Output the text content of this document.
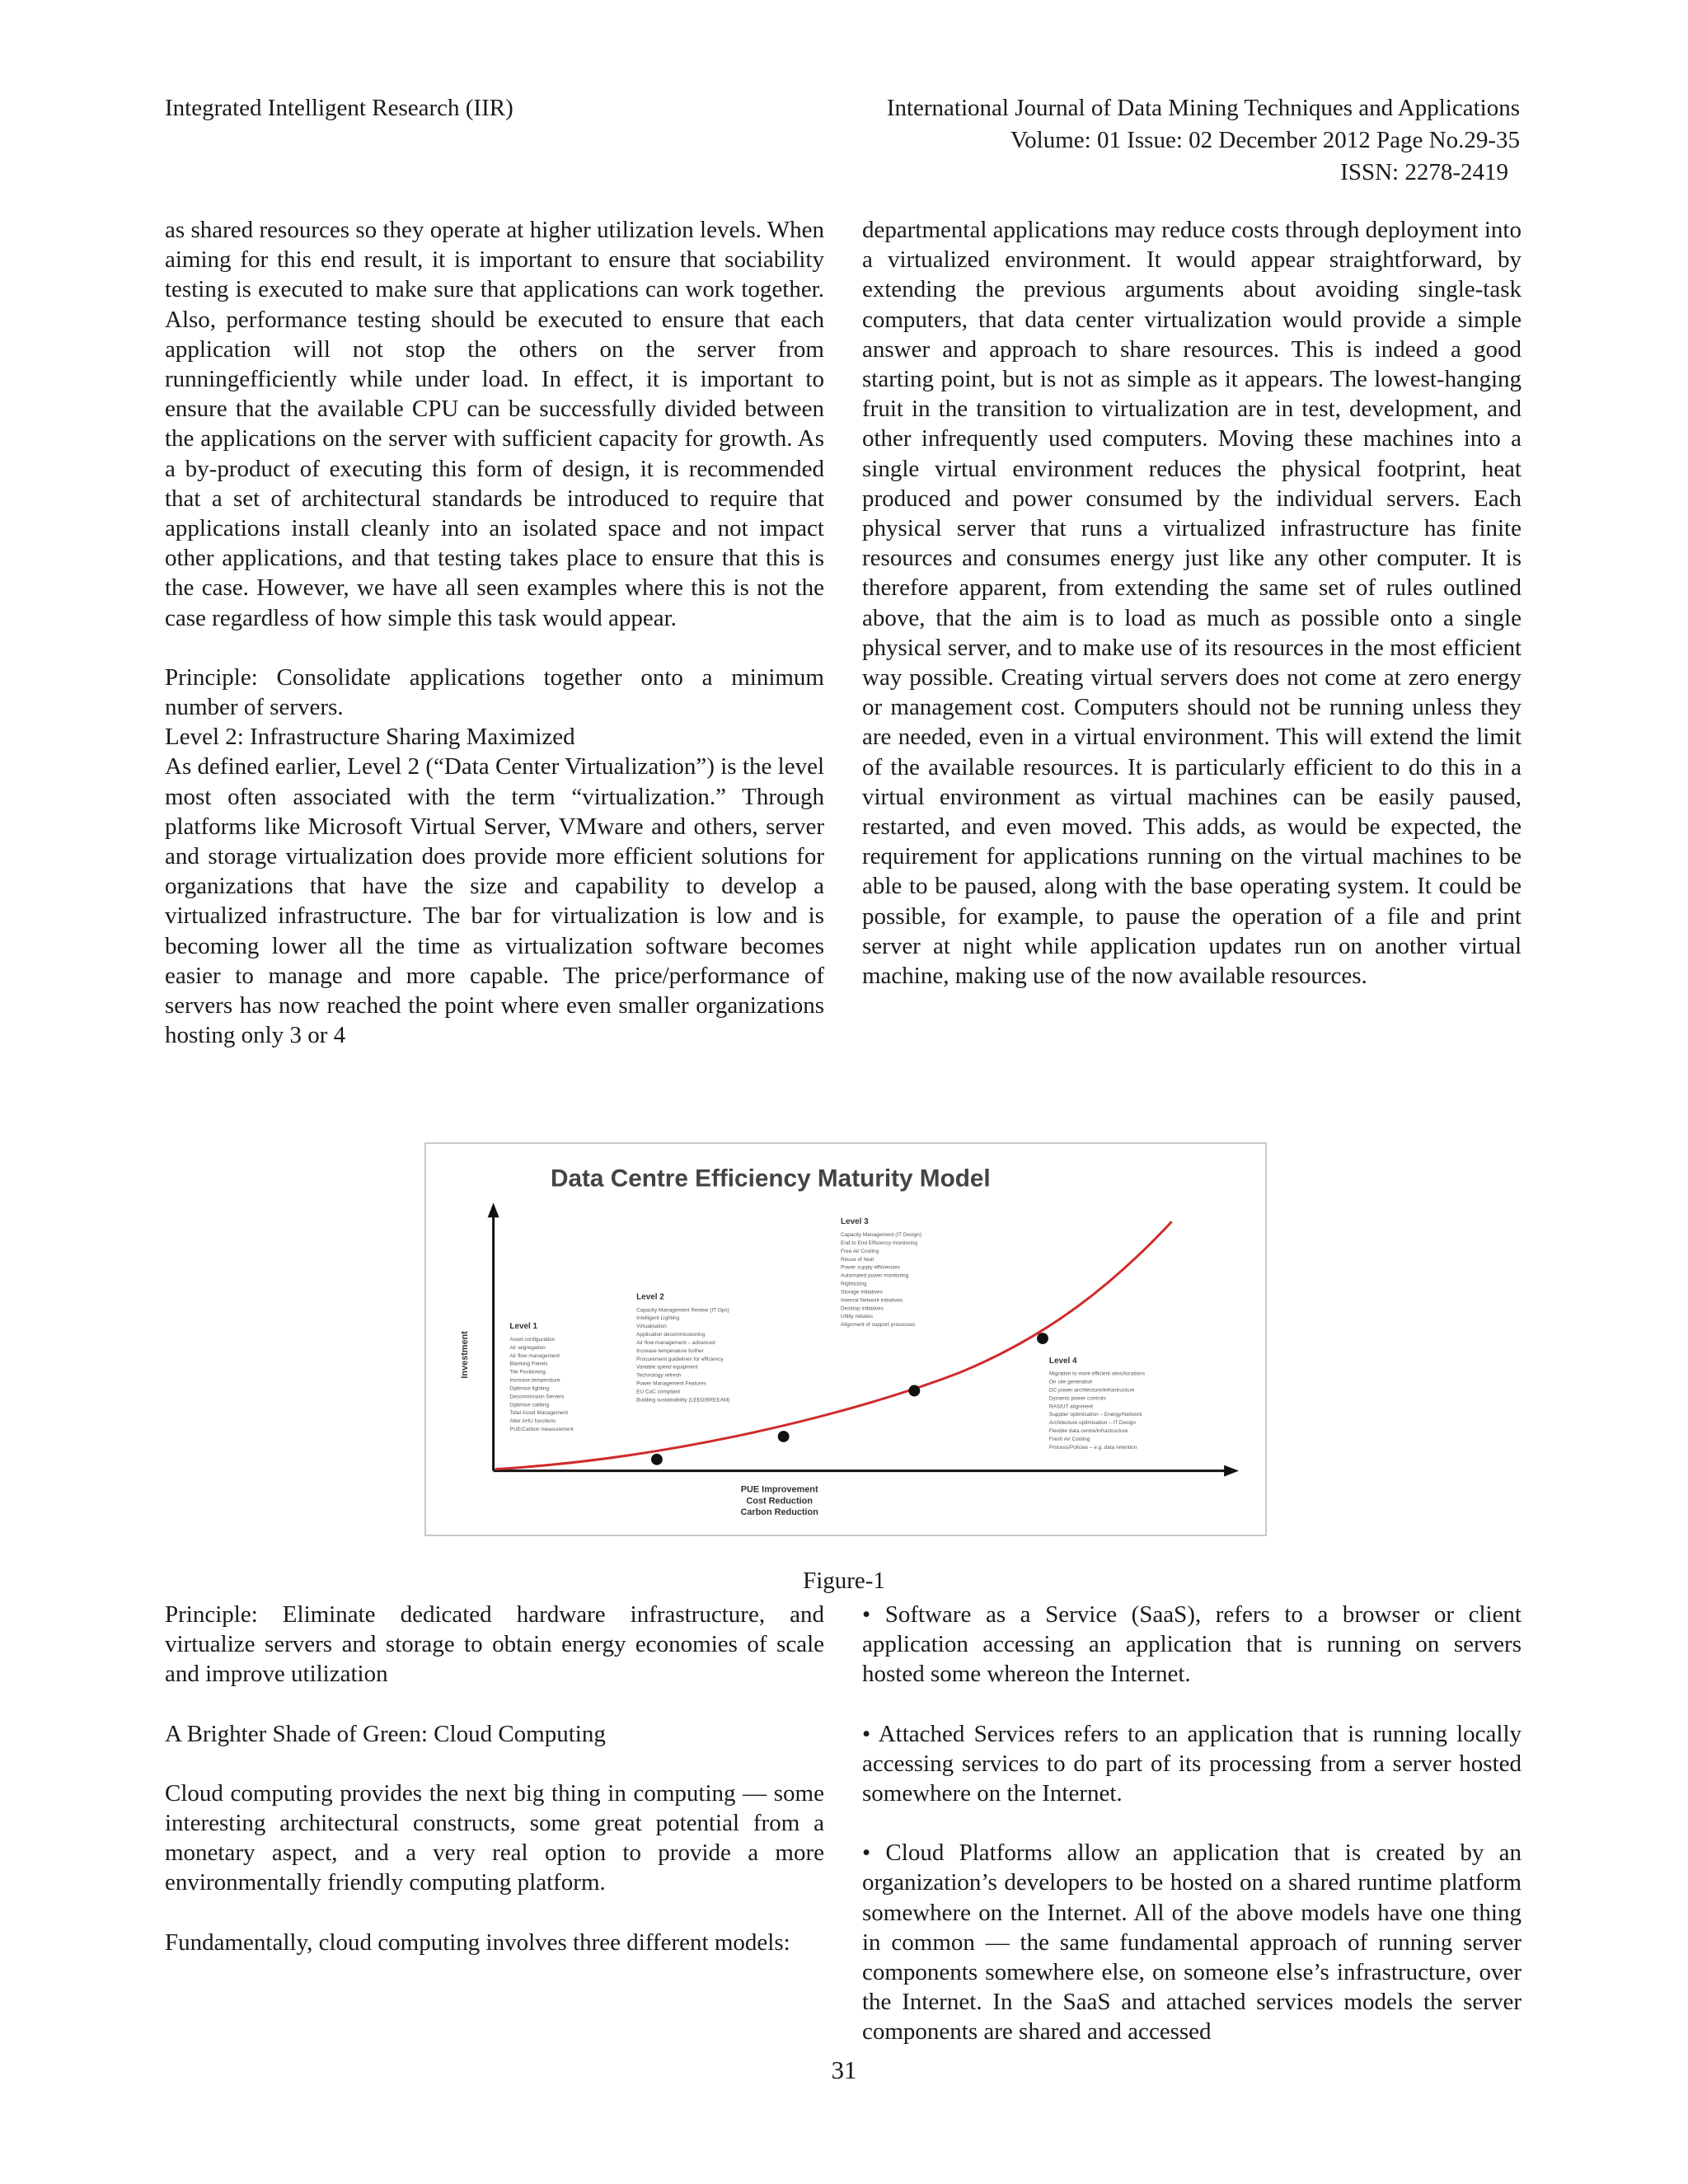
Integrated Intelligent Research (IIR)	International Journal of Data Mining Techniques and Applications
Volume: 01 Issue: 02 December 2012 Page No.29-35
ISSN: 2278-2419

as shared resources so they operate at higher utilization levels. When aiming for this end result, it is important to ensure that sociability testing is executed to make sure that applications can work together. Also, performance testing should be executed to ensure that each application will not stop the others on the server from runningefficiently while under load. In effect, it is important to ensure that the available CPU can be successfully divided between the applications on the server with sufficient capacity for growth. As a by-product of executing this form of design, it is recommended that a set of architectural standards be introduced to require that applications install cleanly into an isolated space and not impact other applications, and that testing takes place to ensure that this is the case. However, we have all seen examples where this is not the case regardless of how simple this task would appear.

Principle: Consolidate applications together onto a minimum number of servers.

Level 2: Infrastructure Sharing Maximized

As defined earlier, Level 2 (“Data Center Virtualization”) is the level most often associated with the term “virtualization.” Through platforms like Microsoft Virtual Server, VMware and others, server and storage virtualization does provide more efficient solutions for organizations that have the size and capability to develop a virtualized infrastructure. The bar for virtualization is low and is becoming lower all the time as virtualization software becomes easier to manage and more capable. The price/performance of servers has now reached the point where even smaller organizations hosting only 3 or 4

departmental applications may reduce costs through deployment into a virtualized environment. It would appear straightforward, by extending the previous arguments about avoiding single-task computers, that data center virtualization would provide a simple answer and approach to share resources. This is indeed a good starting point, but is not as simple as it appears. The lowest-hanging fruit in the transition to virtualization are in test, development, and other infrequently used computers. Moving these machines into a single virtual environment reduces the physical footprint, heat produced and power consumed by the individual servers. Each physical server that runs a virtualized infrastructure has finite resources and consumes energy just like any other computer. It is therefore apparent, from extending the same set of rules outlined above, that the aim is to load as much as possible onto a single physical server, and to make use of its resources in the most efficient way possible. Creating virtual servers does not come at zero energy or management cost. Computers should not be running unless they are needed, even in a virtual environment. This will extend the limit of the available resources. It is particularly efficient to do this in a virtual environment as virtual machines can be easily paused, restarted, and even moved. This adds, as would be expected, the requirement for applications running on the virtual machines to be able to be paused, along with the base operating system. It could be possible, for example, to pause the operation of a file and print server at night while application updates run on another virtual machine, making use of the now available resources.

Data Centre Efficiency Maturity Model
Investment
PUE Improvement
Cost Reduction
Carbon Reduction
Level 1
Asset configuration
Air segregation
Air flow management
Blanking Panels
Tile Positioning
Increase temperature
Optimise lighting
Decommission Servers
Optimise cabling
Total Asset Management
Alter AHU functions
PUE/Carbon measurement
Level 2
Capacity Management Review (IT Ops)
Intelligent Lighting
Virtualisation
Application decommissioning
Air flow management – advanced
Increase temperature further
Procurement guidelines for efficiency
Variable speed equipment
Technology refresh
Power Management Features
EU CoC compliant
Building sustainability (LEED/BREEAM)
Level 3
Capacity Management (IT Design)
End to End Efficiency monitoring
Free Air Cooling
Reuse of heat
Power supply efficiencies
Automated power monitoring
Rightsizing
Storage initiatives
Internal Network initiatives
Desktop initiatives
Utility rebates
Alignment of support processes
Level 4
Migration to more efficient sites/locations
On site generation
DC power architecture/infrastructure
Dynamic power controls
RAS/UT alignment
Supplier optimisation – Energy/Network
Architecture optimisation – IT Design
Flexible data centre/infrastructure
Fresh Air Cooling
Process/Policies – e.g. data retention
Figure-1

Principle: Eliminate dedicated hardware infrastructure, and virtualize servers and storage to obtain energy economies of scale and improve utilization

A Brighter Shade of Green: Cloud Computing

Cloud computing provides the next big thing in computing — some interesting architectural constructs, some great potential from a monetary aspect, and a very real option to provide a more environmentally friendly computing platform.

Fundamentally, cloud computing involves three different models:

• Software as a Service (SaaS), refers to a browser or client application accessing an application that is running on servers hosted some whereon the Internet.

• Attached Services refers to an application that is running locally accessing services to do part of its processing from a server hosted somewhere on the Internet.

• Cloud Platforms allow an application that is created by an organization’s developers to be hosted on a shared runtime platform somewhere on the Internet. All of the above models have one thing in common — the same fundamental approach of running server components somewhere else, on someone else’s infrastructure, over the Internet. In the SaaS and attached services models the server components are shared and accessed

31
